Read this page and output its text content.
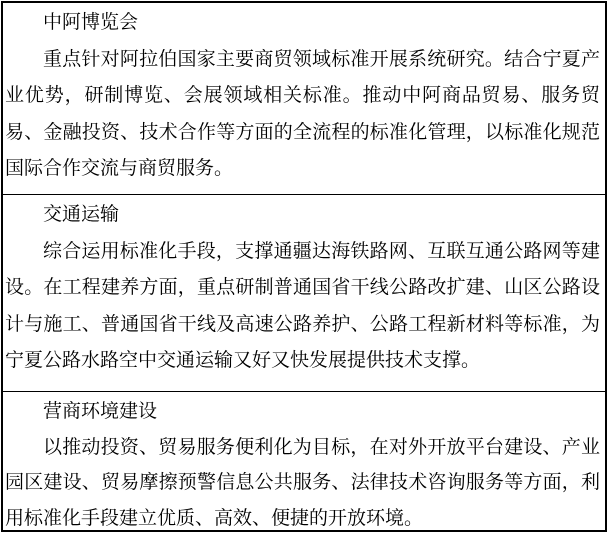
中阿博览会

重点针对阿拉伯国家主要商贸领域标准开展系统研究。结合宁夏产业优势，研制博览、会展领域相关标准。推动中阿商品贸易、服务贸易、金融投资、技术合作等方面的全流程的标准化管理，以标准化规范国际合作交流与商贸服务。

交通运输

综合运用标准化手段，支撑通疆达海铁路网、互联互通公路网等建设。在工程建养方面，重点研制普通国省干线公路改扩建、山区公路设计与施工、普通国省干线及高速公路养护、公路工程新材料等标准，为宁夏公路水路空中交通运输又好又快发展提供技术支撑。

营商环境建设

以推动投资、贸易服务便利化为目标，在对外开放平台建设、产业园区建设、贸易摩擦预警信息公共服务、法律技术咨询服务等方面，利用标准化手段建立优质、高效、便捷的开放环境。
